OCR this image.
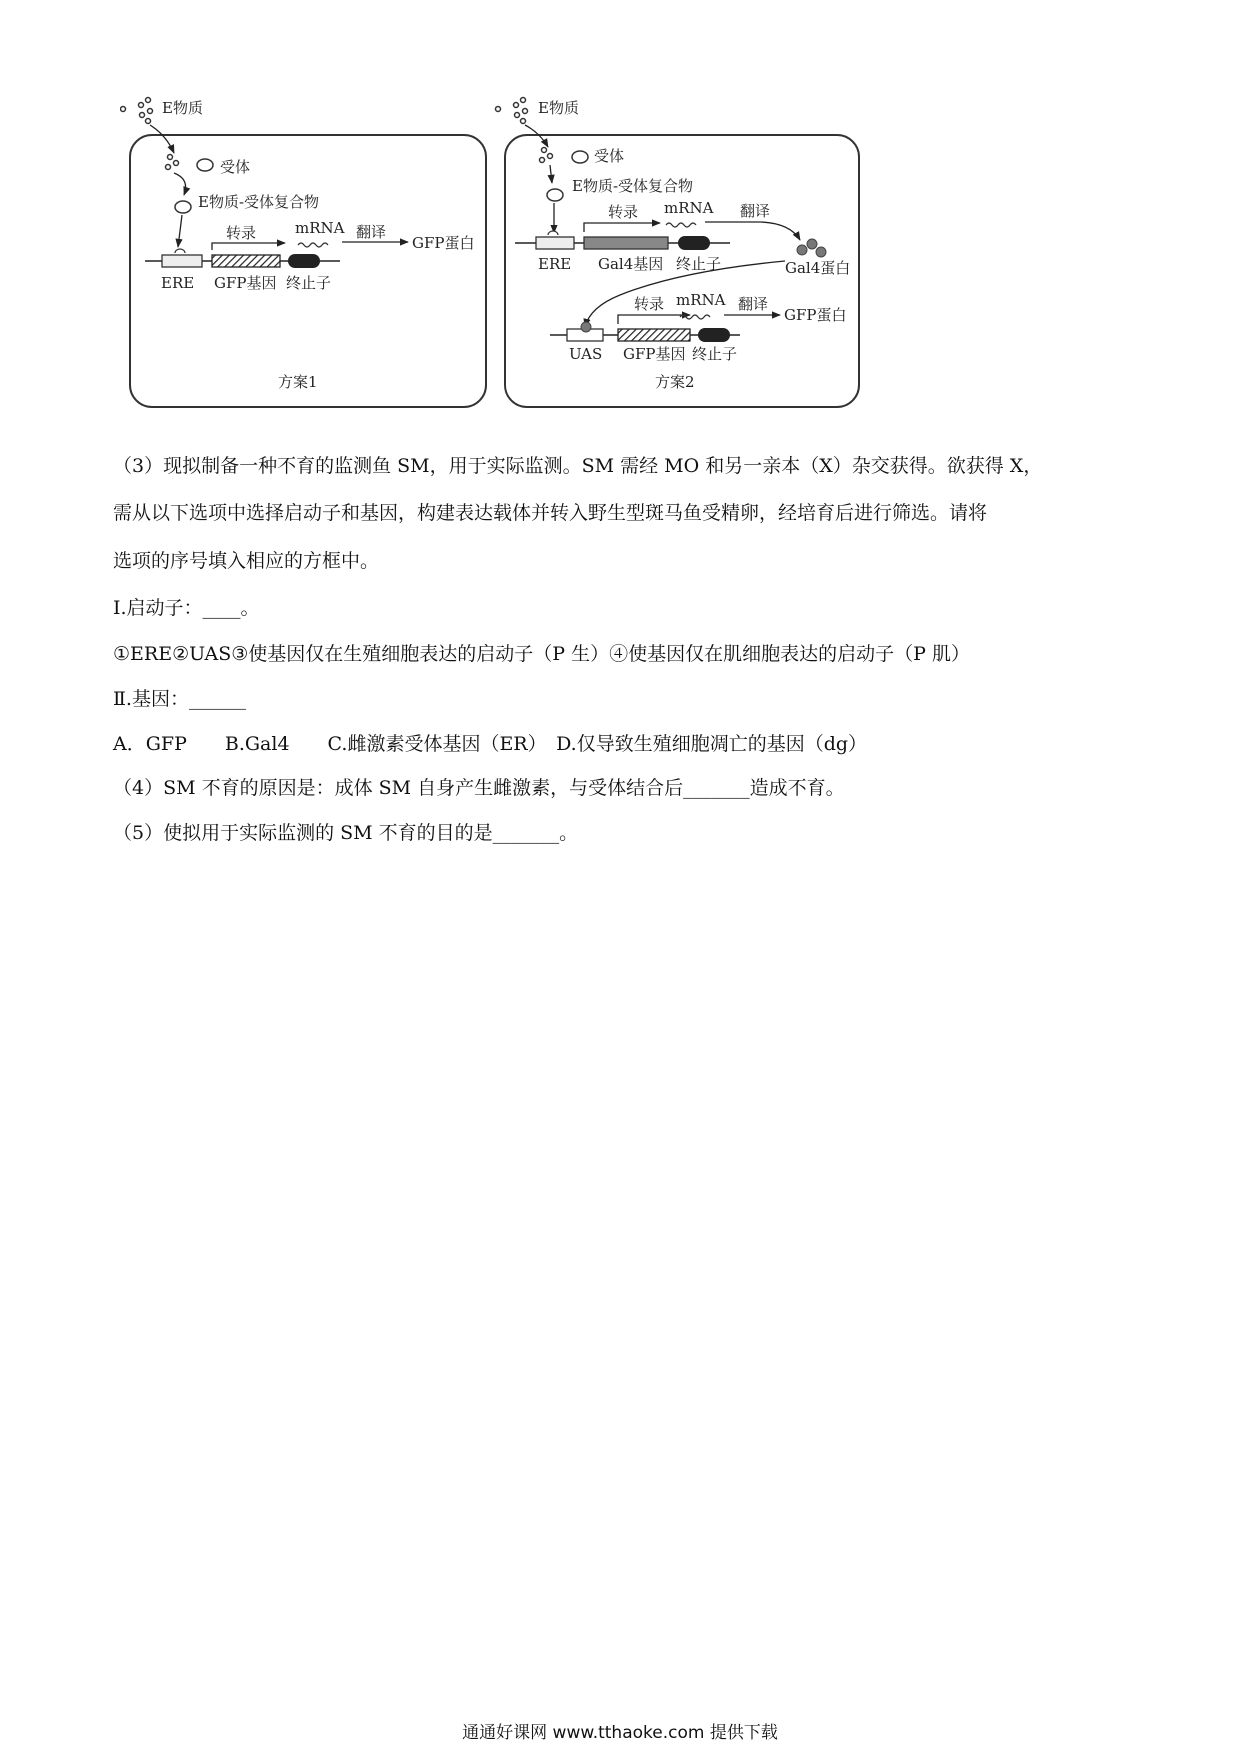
E物质
受体
E物质-受体复合物
ERE GFP基因 终止子
转录	mRNA 翻译
GFP蛋白
方案1
E物质
受体
E物质-受体复合物
ERE Gal4基因 终止子
转录 mRNA 翻译
Gal4蛋白
UAS GFP基因 终止子
转录 mRNA 翻译
GFP蛋白
方案2
（3）现拟制备一种不育的监测鱼 SM，用于实际监测。SM 需经 MO 和另一亲本（X）杂交获得。欲获得 X，
需从以下选项中选择启动子和基因，构建表达载体并转入野生型斑马鱼受精卵，经培育后进行筛选。请将
选项的序号填入相应的方框中。
Ⅰ.启动子：____。
①ERE②UAS③使基因仅在生殖细胞表达的启动子（P 生）④使基因仅在肌细胞表达的启动子（P 肌）
Ⅱ.基因：______
A．GFP　　B.Gal4　　C.雌激素受体基因（ER）　D.仅导致生殖细胞凋亡的基因（dg）
（4）SM 不育的原因是：成体 SM 自身产生雌激素，与受体结合后_______造成不育。
（5）使拟用于实际监测的 SM 不育的目的是_______。
通通好课网 www.tthaoke.com 提供下载
